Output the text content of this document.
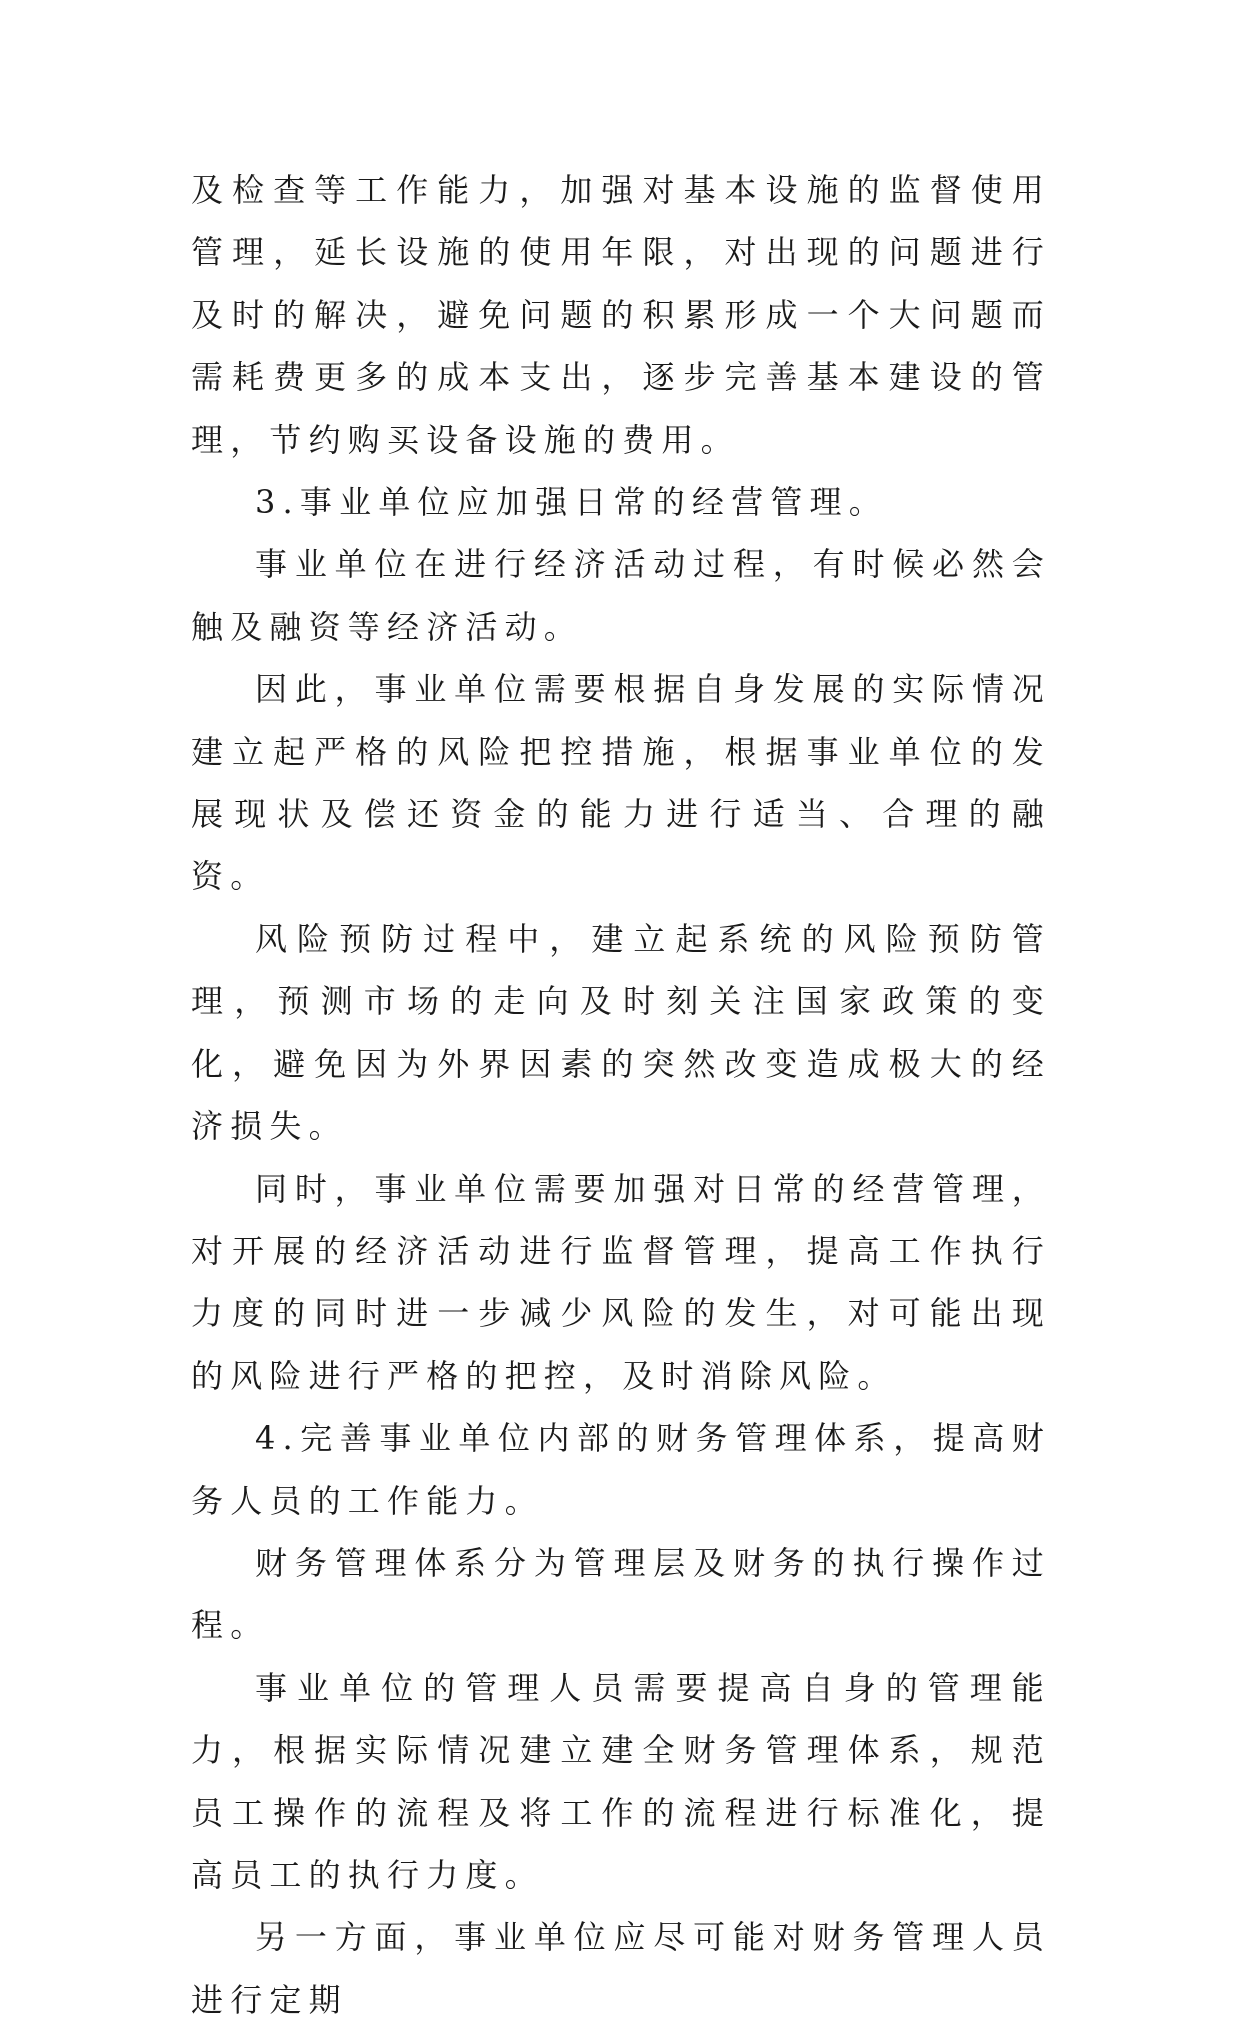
及检查等工作能力，加强对基本设施的监督使用管理，延长设施的使用年限，对出现的问题进行及时的解决，避免问题的积累形成一个大问题而需耗费更多的成本支出，逐步完善基本建设的管理，节约购买设备设施的费用。

3.事业单位应加强日常的经营管理。

事业单位在进行经济活动过程，有时候必然会触及融资等经济活动。

因此，事业单位需要根据自身发展的实际情况建立起严格的风险把控措施，根据事业单位的发展现状及偿还资金的能力进行适当、合理的融资。

风险预防过程中，建立起系统的风险预防管理，预测市场的走向及时刻关注国家政策的变化，避免因为外界因素的突然改变造成极大的经济损失。

同时，事业单位需要加强对日常的经营管理，对开展的经济活动进行监督管理，提高工作执行力度的同时进一步减少风险的发生，对可能出现的风险进行严格的把控，及时消除风险。

4.完善事业单位内部的财务管理体系，提高财务人员的工作能力。

财务管理体系分为管理层及财务的执行操作过程。

事业单位的管理人员需要提高自身的管理能力，根据实际情况建立建全财务管理体系，规范员工操作的流程及将工作的流程进行标准化，提高员工的执行力度。

另一方面，事业单位应尽可能对财务管理人员进行定期
